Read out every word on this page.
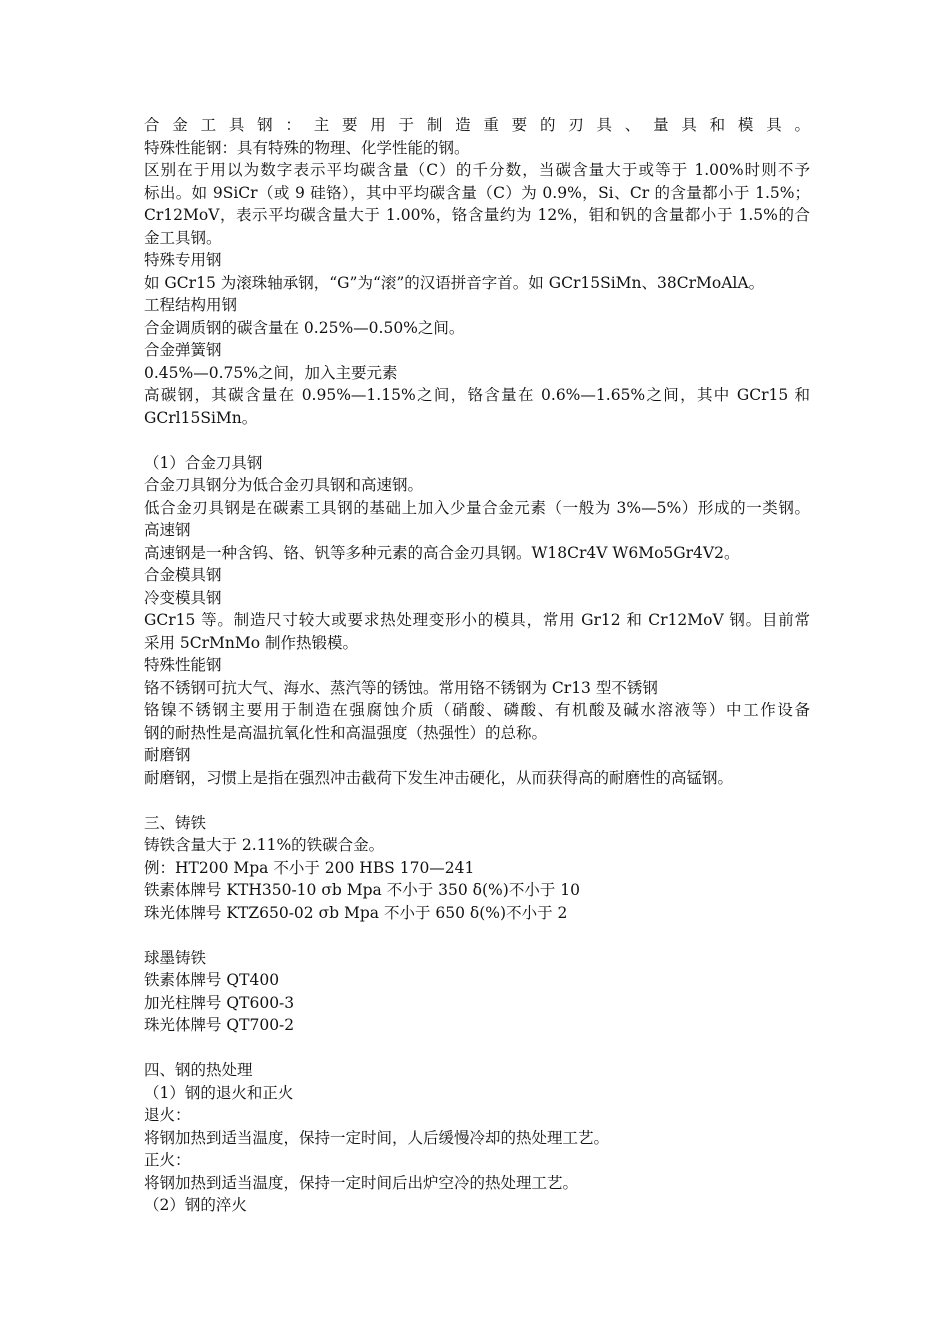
合金工具钢：主要用于制造重要的刃具、量具和模具。
特殊性能钢：具有特殊的物理、化学性能的钢。
区别在于用以为数字表示平均碳含量（C）的千分数，当碳含量大于或等于 1.00%时则不予
标出。如 9SiCr（或 9 硅铬），其中平均碳含量（C）为 0.9%，Si、Cr 的含量都小于 1.5%；
Cr12MoV，表示平均碳含量大于 1.00%，铬含量约为 12%，钼和钒的含量都小于 1.5%的合
金工具钢。
特殊专用钢
如 GCr15 为滚珠轴承钢，“G”为“滚”的汉语拼音字首。如 GCr15SiMn、38CrMoAlA。
工程结构用钢
合金调质钢的碳含量在 0.25%—0.50%之间。
合金弹簧钢
0.45%—0.75%之间，加入主要元素
高碳钢，其碳含量在 0.95%—1.15%之间，铬含量在 0.6%—1.65%之间，其中 GCr15 和
GCrl15SiMn。
（1）合金刀具钢
合金刀具钢分为低合金刃具钢和高速钢。
低合金刃具钢是在碳素工具钢的基础上加入少量合金元素（一般为 3%—5%）形成的一类钢。
高速钢
高速钢是一种含钨、铬、钒等多种元素的高合金刃具钢。W18Cr4V W6Mo5Gr4V2。
合金模具钢
冷变模具钢
GCr15 等。制造尺寸较大或要求热处理变形小的模具，常用 Gr12 和 Cr12MoV 钢。目前常
采用 5CrMnMo 制作热锻模。
特殊性能钢
铬不锈钢可抗大气、海水、蒸汽等的锈蚀。常用铬不锈钢为 Cr13 型不锈钢
铬镍不锈钢主要用于制造在强腐蚀介质（硝酸、磷酸、有机酸及碱水溶液等）中工作设备
钢的耐热性是高温抗氧化性和高温强度（热强性）的总称。
耐磨钢
耐磨钢，习惯上是指在强烈冲击截荷下发生冲击硬化，从而获得高的耐磨性的高锰钢。
三、铸铁
铸铁含量大于 2.11%的铁碳合金。
例：HT200 Mpa 不小于 200 HBS 170—241
铁素体牌号 KTH350-10 σb Mpa 不小于 350 δ(%)不小于 10
珠光体牌号 KTZ650-02 σb Mpa 不小于 650 δ(%)不小于 2
球墨铸铁
铁素体牌号 QT400
加光柱牌号 QT600-3
珠光体牌号 QT700-2
四、钢的热处理
（1）钢的退火和正火
退火：
将钢加热到适当温度，保持一定时间，人后缓慢冷却的热处理工艺。
正火：
将钢加热到适当温度，保持一定时间后出炉空冷的热处理工艺。
（2）钢的淬火
